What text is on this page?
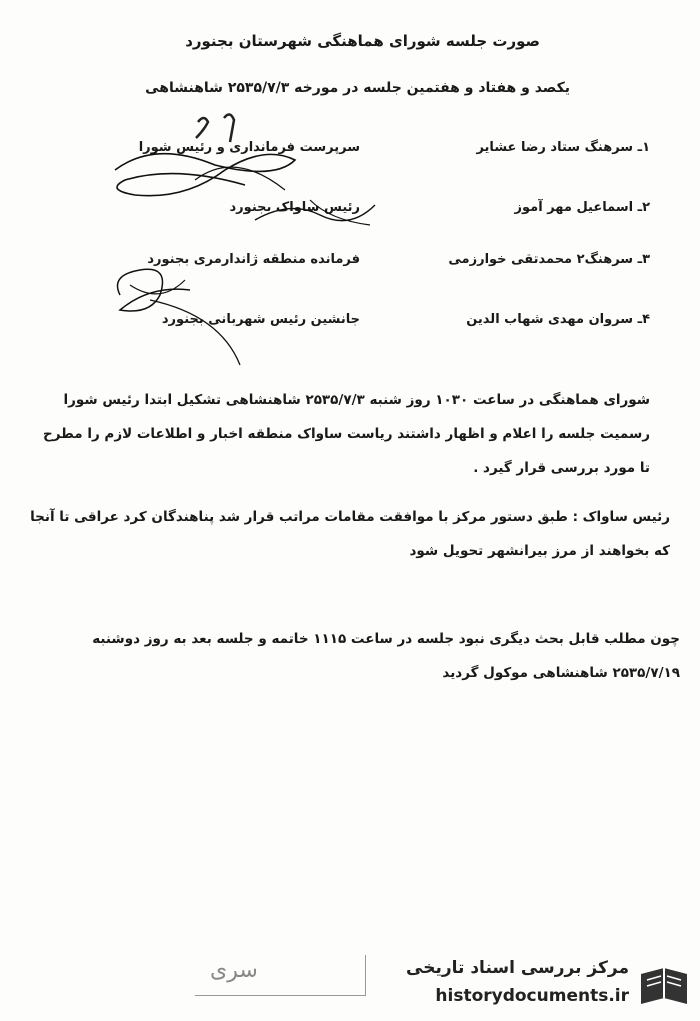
صورت جلسه شورای هماهنگی شهرستان بجنورد
یکصد و هفتاد و هفتمین جلسه در مورخه ۲۵۳۵/۷/۳ شاهنشاهی
۱ـ سرهنگ ستاد رضا عشایر
سرپرست فرمانداری و رئیس شورا
۲ـ اسماعیل مهر آموز
رئیس ساواک بجنورد
۳ـ سرهنگ۲ محمدتقی خوارزمی
فرمانده منطقه ژاندارمری بجنورد
۴ـ سروان مهدی شهاب الدین
جانشین رئیس شهربانی بجنورد
شورای هماهنگی در ساعت ۱۰۳۰ روز شنبه ۲۵۳۵/۷/۳ شاهنشاهی تشکیل ابتدا رئیس شورا رسمیت جلسه را اعلام و اظهار داشتند ریاست ساواک منطقه اخبار و اطلاعات لازم را مطرح تا مورد بررسی قرار گیرد .
رئیس ساواک : طبق دستور مرکز با موافقت مقامات مراتب قرار شد پناهندگان کرد عراقی تا آنجا که بخواهند از مرز بیرانشهر تحویل شود
چون مطلب قابل بحث دیگری نبود جلسه در ساعت ۱۱۱۵ خاتمه و جلسه بعد به روز دوشنبه ۲۵۳۵/۷/۱۹ شاهنشاهی موکول گردید
سری	مرکز بررسی اسناد تاریخی
historydocuments.ir
